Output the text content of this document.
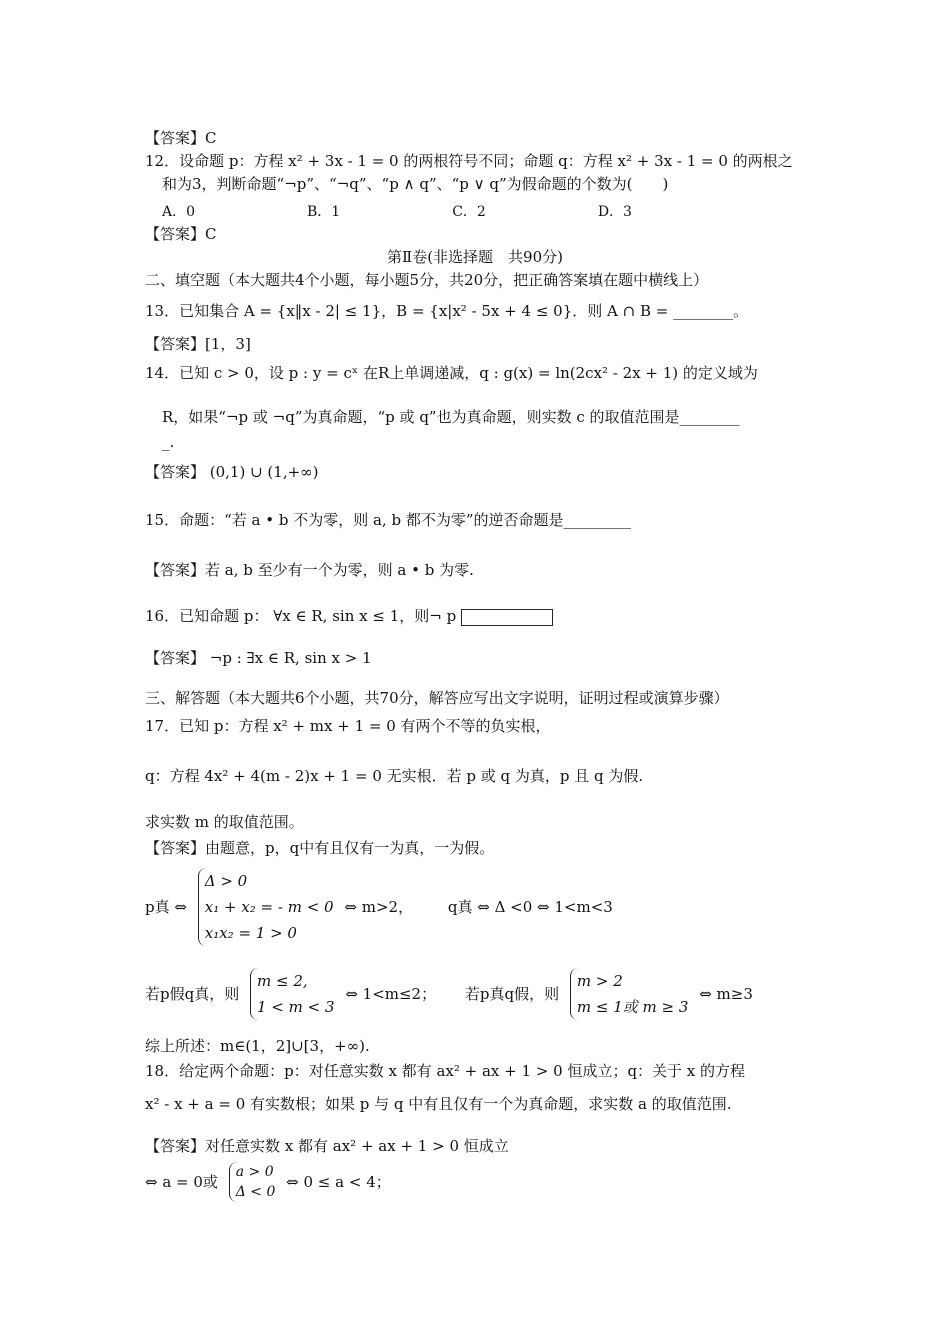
【答案】C
12．设命题 p：方程 x² + 3x - 1 = 0 的两根符号不同；命题 q：方程 x² + 3x - 1 = 0 的两根之
和为3，判断命题“¬p”、“¬q”、“p ∧ q”、“p ∨ q”为假命题的个数为(　　)
A．0　　　　　　　　B．1　　　　　　　　C．2　　　　　　　　D．3
【答案】C
第Ⅱ卷(非选择题　共90分)
二、填空题（本大题共4个小题，每小题5分，共20分，把正确答案填在题中横线上）
13．已知集合 A = {x‖x - 2| ≤ 1}，B = {x|x² - 5x + 4 ≤ 0}．则 A ∩ B = ________。
【答案】[1，3]
14．已知 c > 0，设 p : y = cˣ 在R上单调递减，q : g(x) = ln(2cx² - 2x + 1) 的定义域为
R，如果“¬p 或 ¬q”为真命题，“p 或 q”也为真命题，则实数 c 的取值范围是________
_.
【答案】 (0,1) ∪ (1,+∞)
15．命题：“若 a • b 不为零，则 a, b 都不为零”的逆否命题是_________
【答案】若 a, b 至少有一个为零，则 a • b 为零.
16．已知命题 p： ∀x ∈ R, sin x ≤ 1，则¬ p
【答案】 ¬p : ∃x ∈ R, sin x > 1
三、解答题（本大题共6个小题，共70分，解答应写出文字说明，证明过程或演算步骤）
17．已知 p：方程 x² + mx + 1 = 0 有两个不等的负实根，
q：方程 4x² + 4(m - 2)x + 1 = 0 无实根．若 p 或 q 为真，p 且 q 为假.
求实数 m 的取值范围。
【答案】由题意，p，q中有且仅有一为真，一为假。
p真 ⇔
Δ > 0
x₁ + x₂ = - m < 0
x₁x₂ = 1 > 0
⇔ m>2， q真 ⇔ Δ <0 ⇔ 1<m<3
若p假q真，则
m ≤ 2,
1 < m < 3
⇔ 1<m≤2； 若p真q假，则
m > 2
m ≤ 1或 m ≥ 3
⇔ m≥3
综上所述：m∈(1，2]∪[3，+∞).
18．给定两个命题：p：对任意实数 x 都有 ax² + ax + 1 > 0 恒成立；q：关于 x 的方程
x² - x + a = 0 有实数根；如果 p 与 q 中有且仅有一个为真命题，求实数 a 的取值范围.
【答案】对任意实数 x 都有 ax² + ax + 1 > 0 恒成立
⇔ a = 0或
a > 0
Δ < 0
⇔ 0 ≤ a < 4；
